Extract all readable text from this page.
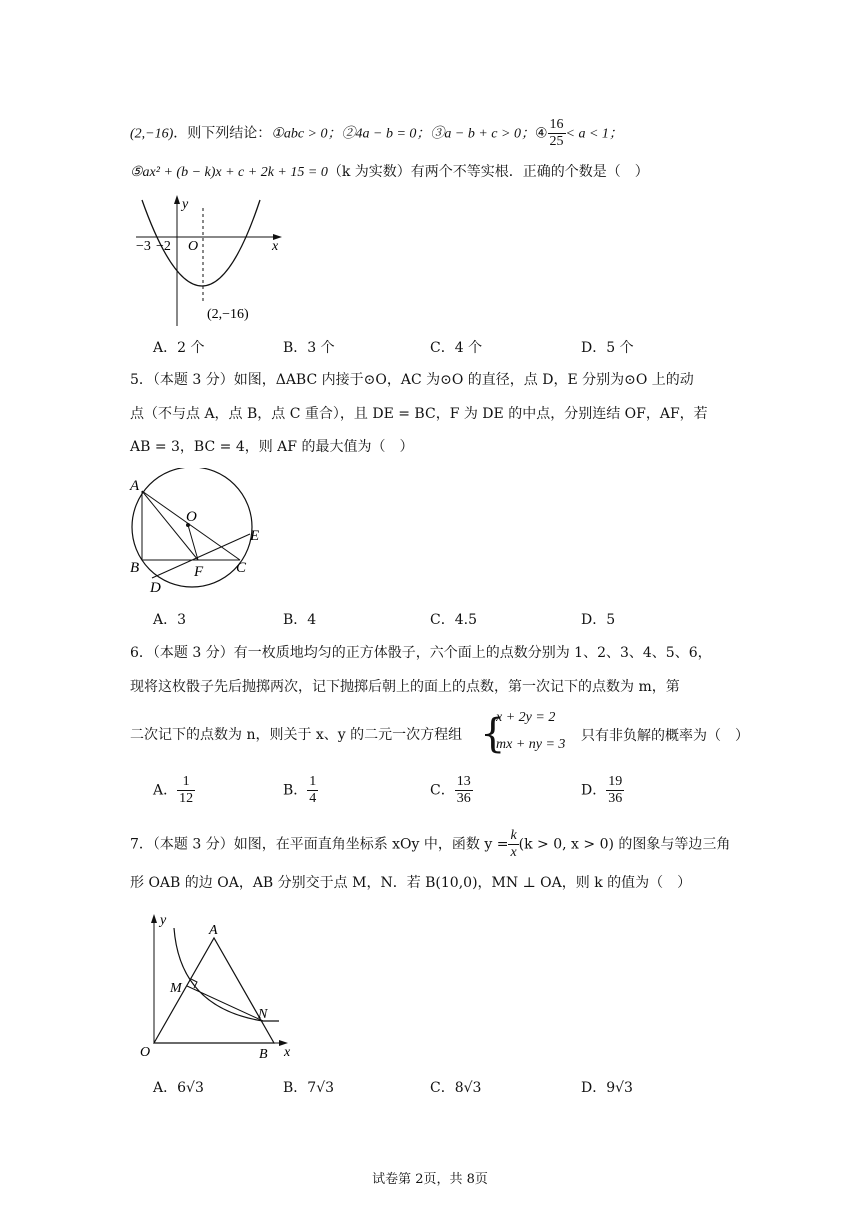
(2,−16)．则下列结论：①abc > 0；②4a − b = 0；③a − b + c > 0；④ $\frac{16}{25} < a < 1$；
⑤ax² + (b − k)x + c + 2k + 15 = 0（k 为实数）有两个不等实根．正确的个数是（　）
y
x
O
−3 −2
(2,−16)
A．2 个	B．3 个	C．4 个	D．5 个
5．（本题 3 分）如图，ΔABC 内接于⊙O，AC 为⊙O 的直径，点 D，E 分别为⊙O 上的动
点（不与点 A，点 B，点 C 重合），且 DE = BC，F 为 DE 的中点，分别连结 OF，AF，若
AB = 3，BC = 4，则 AF 的最大值为（　）
A
B	C
D
E
F
O
A．3	B．4	C．4.5	D．5
6．（本题 3 分）有一枚质地均匀的正方体骰子，六个面上的点数分别为 1、2、3、4、5、6，
现将这枚骰子先后抛掷两次，记下抛掷后朝上的面上的点数，第一次记下的点数为 m，第
二次记下的点数为 n，则关于 x、y 的二元一次方程组 {
x + 2y = 2
mx + ny = 3
只有非负解的概率为（　）
A． $\frac{1}{12}$	B． $\frac{1}{4}$	C． $\frac{13}{36}$	D． $\frac{19}{36}$
7．（本题 3 分）如图，在平面直角坐标系 xOy 中，函数 $y = \frac{k}{x} (k > 0$, x > 0) 的图象与等边三角
形 OAB 的边 OA，AB 分别交于点 M，N．若 B(10,0)，MN ⊥ OA，则 k 的值为（　）
y
x
A
M
N
O	B
A．6√3	B．7√3	C．8√3	D．9√3
试卷第 2页，共 8页
